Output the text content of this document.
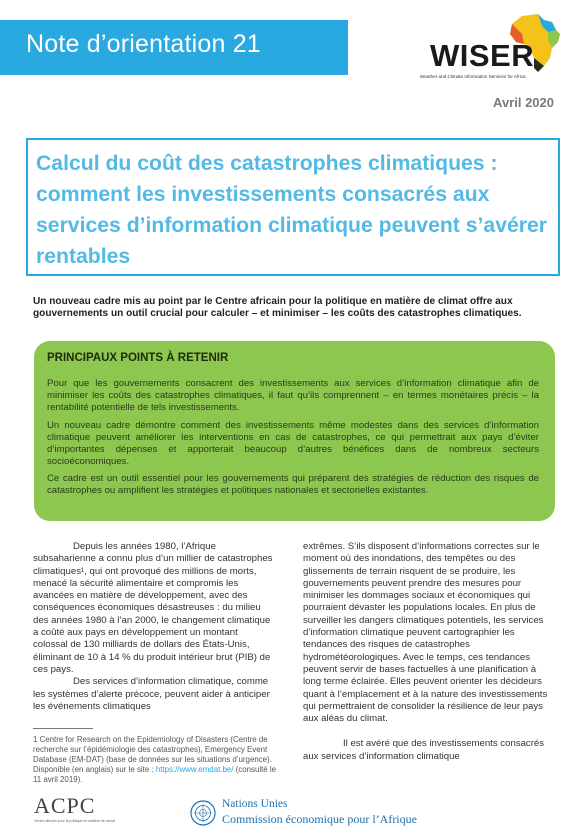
Note d’orientation 21	WISER
Weather and Climate Information Services for Africa
Avril 2020
Calcul du coût des catastrophes climatiques : comment les investissements consacrés aux services d’information climatique peuvent s’avérer rentables
Un nouveau cadre mis au point par le Centre africain pour la politique en matière de climat offre aux gouvernements un outil crucial pour calculer – et minimiser – les coûts des catastrophes climatiques.
PRINCIPAUX POINTS À RETENIR
Pour que les gouvernements consacrent des investissements aux services d’information climatique afin de minimiser les coûts des catastrophes climatiques, il faut qu’ils comprennent – en termes monétaires précis – la rentabilité potentielle de tels investissements.
Un nouveau cadre démontre comment des investissements même modestes dans des services d’information climatique peuvent améliorer les interventions en cas de catastrophes, ce qui permettrait aux pays d’éviter d’importantes dépenses et apporterait beaucoup d’autres bénéfices dans de nombreux secteurs socioéconomiques.
Ce cadre est un outil essentiel pour les gouvernements qui préparent des stratégies de réduction des risques de catastrophes ou amplifient les stratégies et politiques nationales et sectorielles existantes.

Depuis les années 1980, l’Afrique subsaharienne a connu plus d’un millier de catastrophes climatiques¹, qui ont provoqué des millions de morts, menacé la sécurité alimentaire et compromis les avancées en matière de développement, avec des conséquences économiques désastreuses : du milieu des années 1980 à l’an 2000, le changement climatique a coûté aux pays en développement un montant colossal de 130 milliards de dollars des États-Unis, éliminant de 10 à 14 % du produit intérieur brut (PIB) de ces pays.

Des services d’information climatique, comme les systèmes d’alerte précoce, peuvent aider à anticiper les événements climatiques

extrêmes. S’ils disposent d’informations correctes sur le moment où des inondations, des tempêtes ou des glissements de terrain risquent de se produire, les gouvernements peuvent prendre des mesures pour minimiser les dommages sociaux et économiques qui pourraient dévaster les populations locales. En plus de surveiller les dangers climatiques potentiels, les services d’information climatique peuvent cartographier les tendances des risques de catastrophes hydrométéorologiques. Avec le temps, ces tendances peuvent servir de bases factuelles à une planification à long terme éclairée. Elles peuvent orienter les décideurs quant à l’emplacement et à la nature des investissements qui permettraient de consolider la résilience de leur pays aux aléas du climat.

Il est avéré que des investissements consacrés aux services d’information climatique

1 Centre for Research on the Epidemiology of Disasters (Centre de recherche sur l’épidémiologie des catastrophes), Emergency Event Database (EM-DAT) (base de données sur les situations d’urgence). Disponible (en anglais) sur le site : https://www.emdat.be/ (consulté le 11 avril 2019).
ACPC
Centre africain pour la politique en matière de climat
Nations Unies
Commission économique pour l’Afrique
